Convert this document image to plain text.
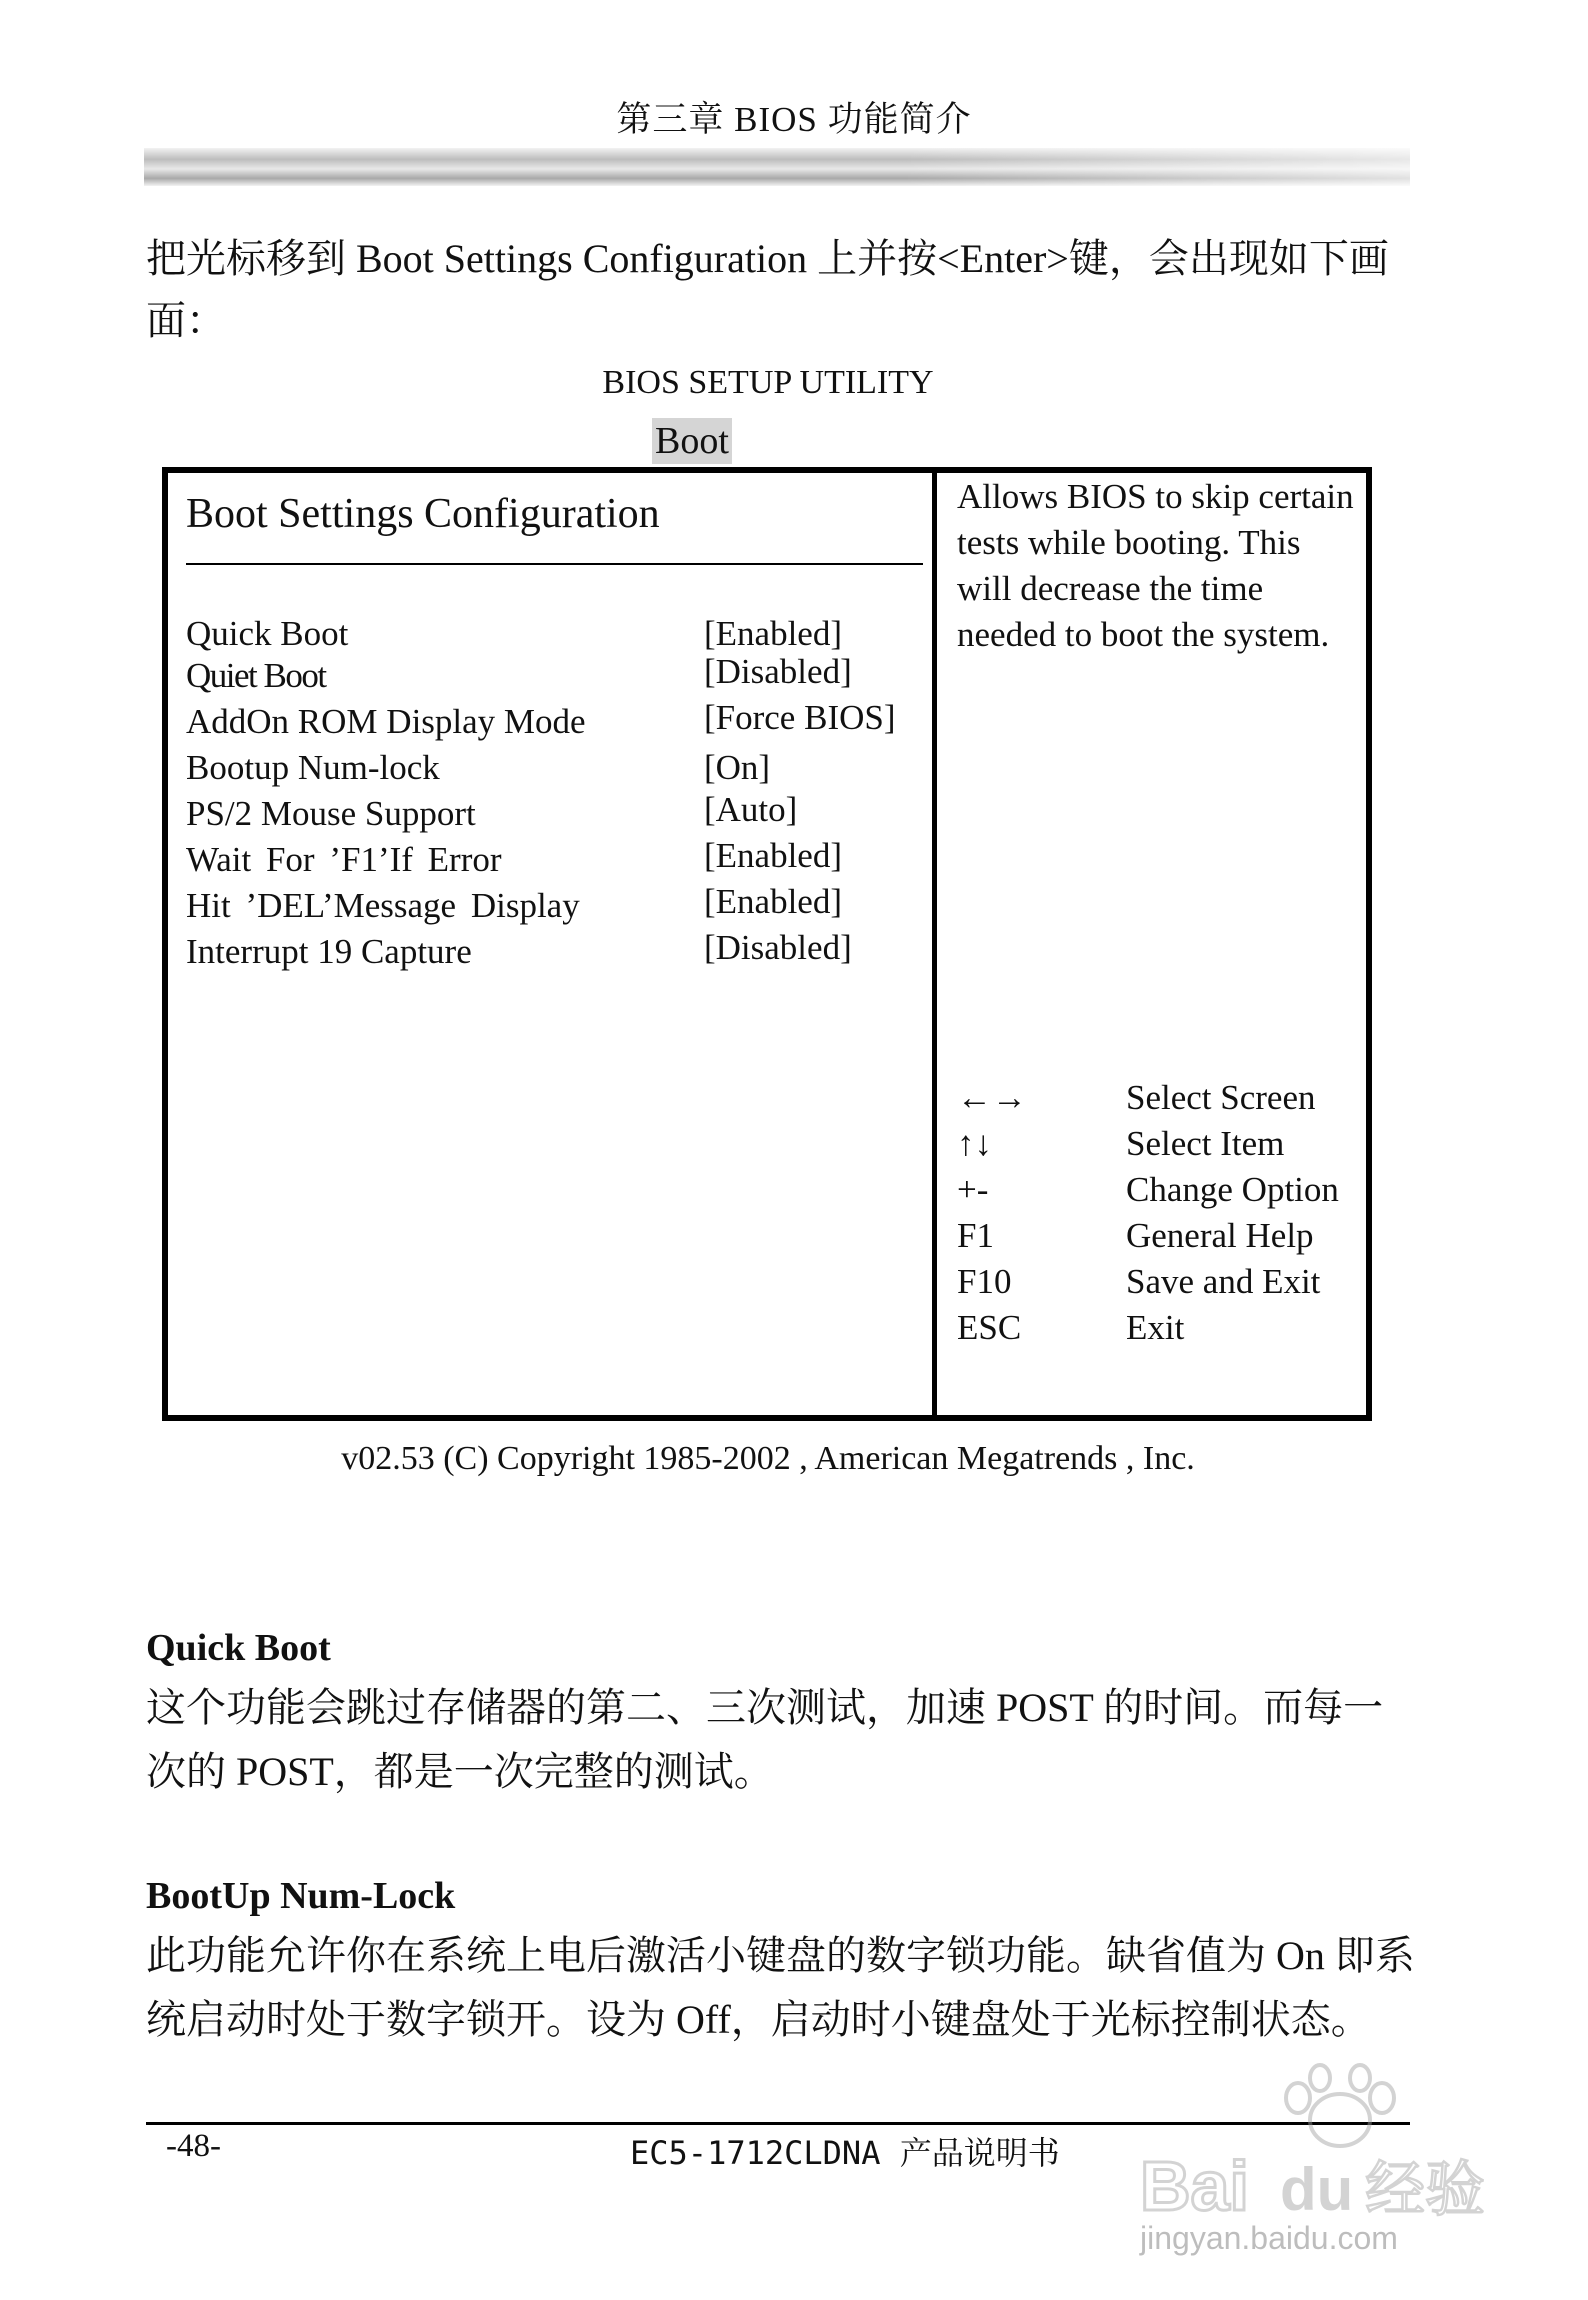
第三章 BIOS 功能简介
把光标移到 Boot Settings Configuration 上并按<Enter>键，会出现如下画面：
BIOS SETUP UTILITY
Boot
Boot Settings Configuration
Quick Boot	[Enabled]
Quiet Boot	[Disabled]
AddOn ROM Display Mode	[Force BIOS]
Bootup Num-lock	[On]
PS/2 Mouse Support	[Auto]
Wait For ’F1’If Error	[Enabled]
Hit ’DEL’Message Display	[Enabled]
Interrupt 19 Capture	[Disabled]
Allows BIOS to skip certain tests while booting. This will decrease the time needed to boot the system.
←→	Select Screen
↑↓	Select Item
+-	Change Option
F1	General Help
F10	Save and Exit
ESC	Exit
v02.53 (C) Copyright 1985-2002 , American Megatrends , Inc.
Quick Boot
这个功能会跳过存储器的第二、三次测试，加速 POST 的时间。而每一次的 POST，都是一次完整的测试。
BootUp Num-Lock
此功能允许你在系统上电后激活小键盘的数字锁功能。缺省值为 On 即系统启动时处于数字锁开。设为 Off，启动时小键盘处于光标控制状态。
-48-	EC5-1712CLDNA 产品说明书 Bai du 经验
jingyan.baidu.com
